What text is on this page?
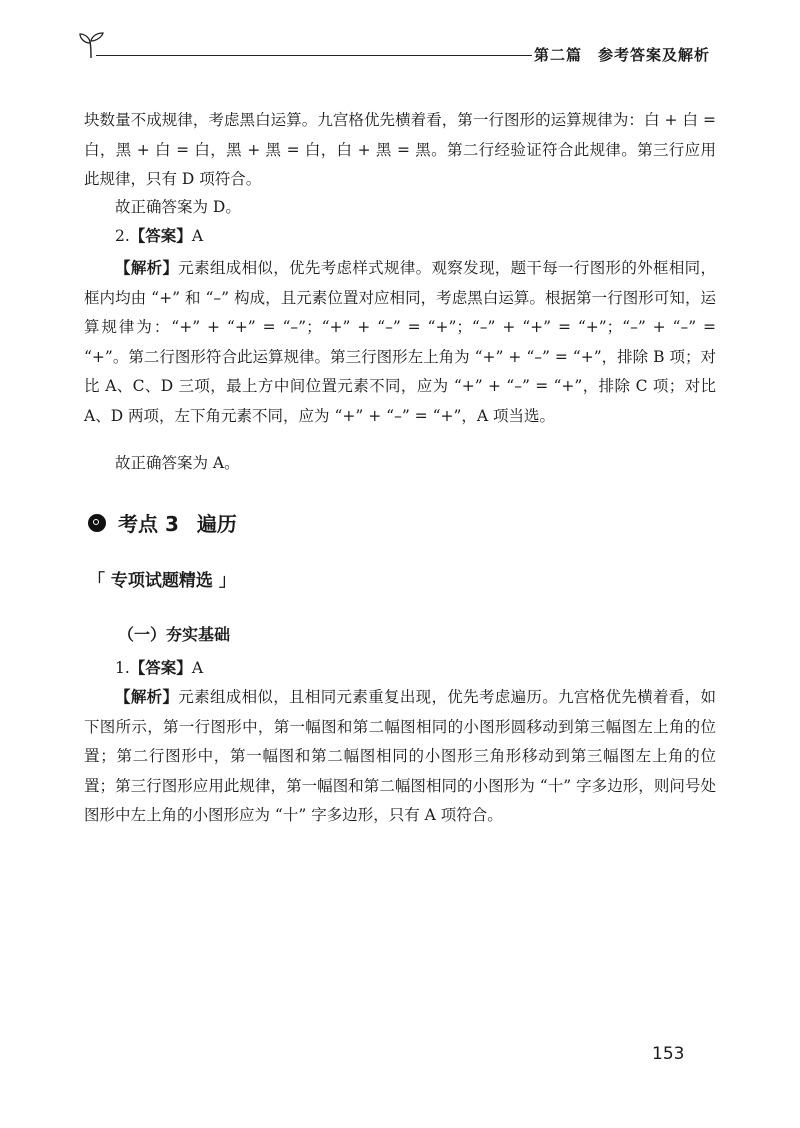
第二篇 参考答案及解析
块数量不成规律，考虑黑白运算。九宫格优先横着看，第一行图形的运算规律为：白 + 白 = 白，黑 + 白 = 白，黑 + 黑 = 白，白 + 黑 = 黑。第二行经验证符合此规律。第三行应用此规律，只有 D 项符合。
故正确答案为 D。
2.【答案】A
【解析】元素组成相似，优先考虑样式规律。观察发现，题干每一行图形的外框相同，框内均由 “+” 和 “–” 构成，且元素位置对应相同，考虑黑白运算。根据第一行图形可知，运算规律为：“+” + “+” = “–”；“+” + “–” = “+”；“–” + “+” = “+”；“–” + “–” = “+”。第二行图形符合此运算规律。第三行图形左上角为 “+” + “–” = “+”，排除 B 项；对比 A、C、D 三项，最上方中间位置元素不同，应为 “+” + “–” = “+”，排除 C 项；对比 A、D 两项，左下角元素不同，应为 “+” + “–” = “+”，A 项当选。
故正确答案为 A。
考点 3 遍历
「 专项试题精选 」
（一）夯实基础
1.【答案】A
【解析】元素组成相似，且相同元素重复出现，优先考虑遍历。九宫格优先横着看，如下图所示，第一行图形中，第一幅图和第二幅图相同的小图形圆移动到第三幅图左上角的位置；第二行图形中，第一幅图和第二幅图相同的小图形三角形移动到第三幅图左上角的位置；第三行图形应用此规律，第一幅图和第二幅图相同的小图形为 “十” 字多边形，则问号处图形中左上角的小图形应为 “十” 字多边形，只有 A 项符合。
153
